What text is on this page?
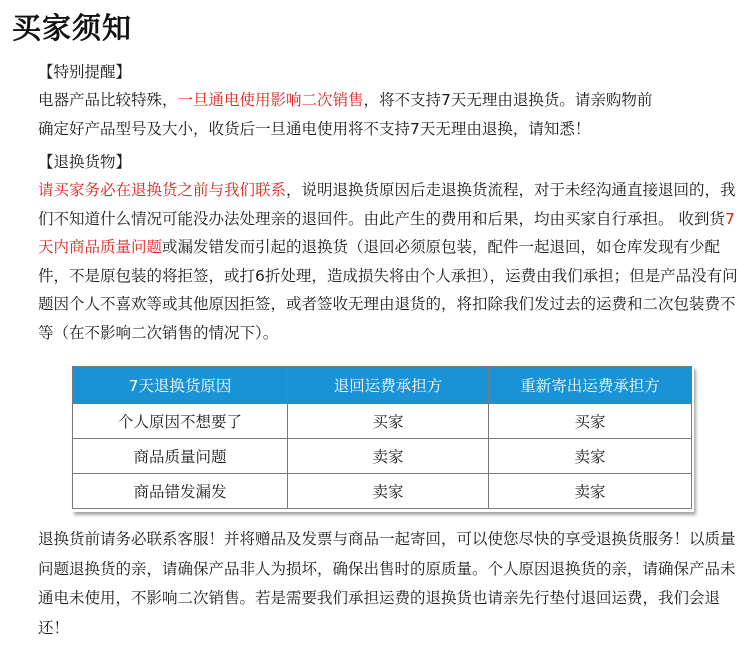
买家须知
【特别提醒】
电器产品比较特殊，一旦通电使用影响二次销售，将不支持7天无理由退换货。请亲购物前
确定好产品型号及大小，收货后一旦通电使用将不支持7天无理由退换，请知悉！
【退换货物】
请买家务必在退换货之前与我们联系，说明退换货原因后走退换货流程，对于未经沟通直接退回的，我们不知道什么情况可能没办法处理亲的退回件。由此产生的费用和后果，均由买家自行承担。 收到货7天内商品质量问题或漏发错发而引起的退换货（退回必须原包装，配件一起退回，如仓库发现有少配件，不是原包装的将拒签，或打6折处理，造成损失将由个人承担），运费由我们承担；但是产品没有问题因个人不喜欢等或其他原因拒签，或者签收无理由退货的，将扣除我们发过去的运费和二次包装费不等（在不影响二次销售的情况下）。
7天退换货原因	退回运费承担方	重新寄出运费承担方
个人原因不想要了	买家	买家
商品质量问题	卖家	卖家
商品错发漏发	卖家	卖家
退换货前请务必联系客服！并将赠品及发票与商品一起寄回，可以使您尽快的享受退换货服务！以质量问题退换货的亲，请确保产品非人为损坏，确保出售时的原质量。个人原因退换货的亲，请确保产品未通电未使用，不影响二次销售。若是需要我们承担运费的退换货也请亲先行垫付退回运费，我们会退还！
